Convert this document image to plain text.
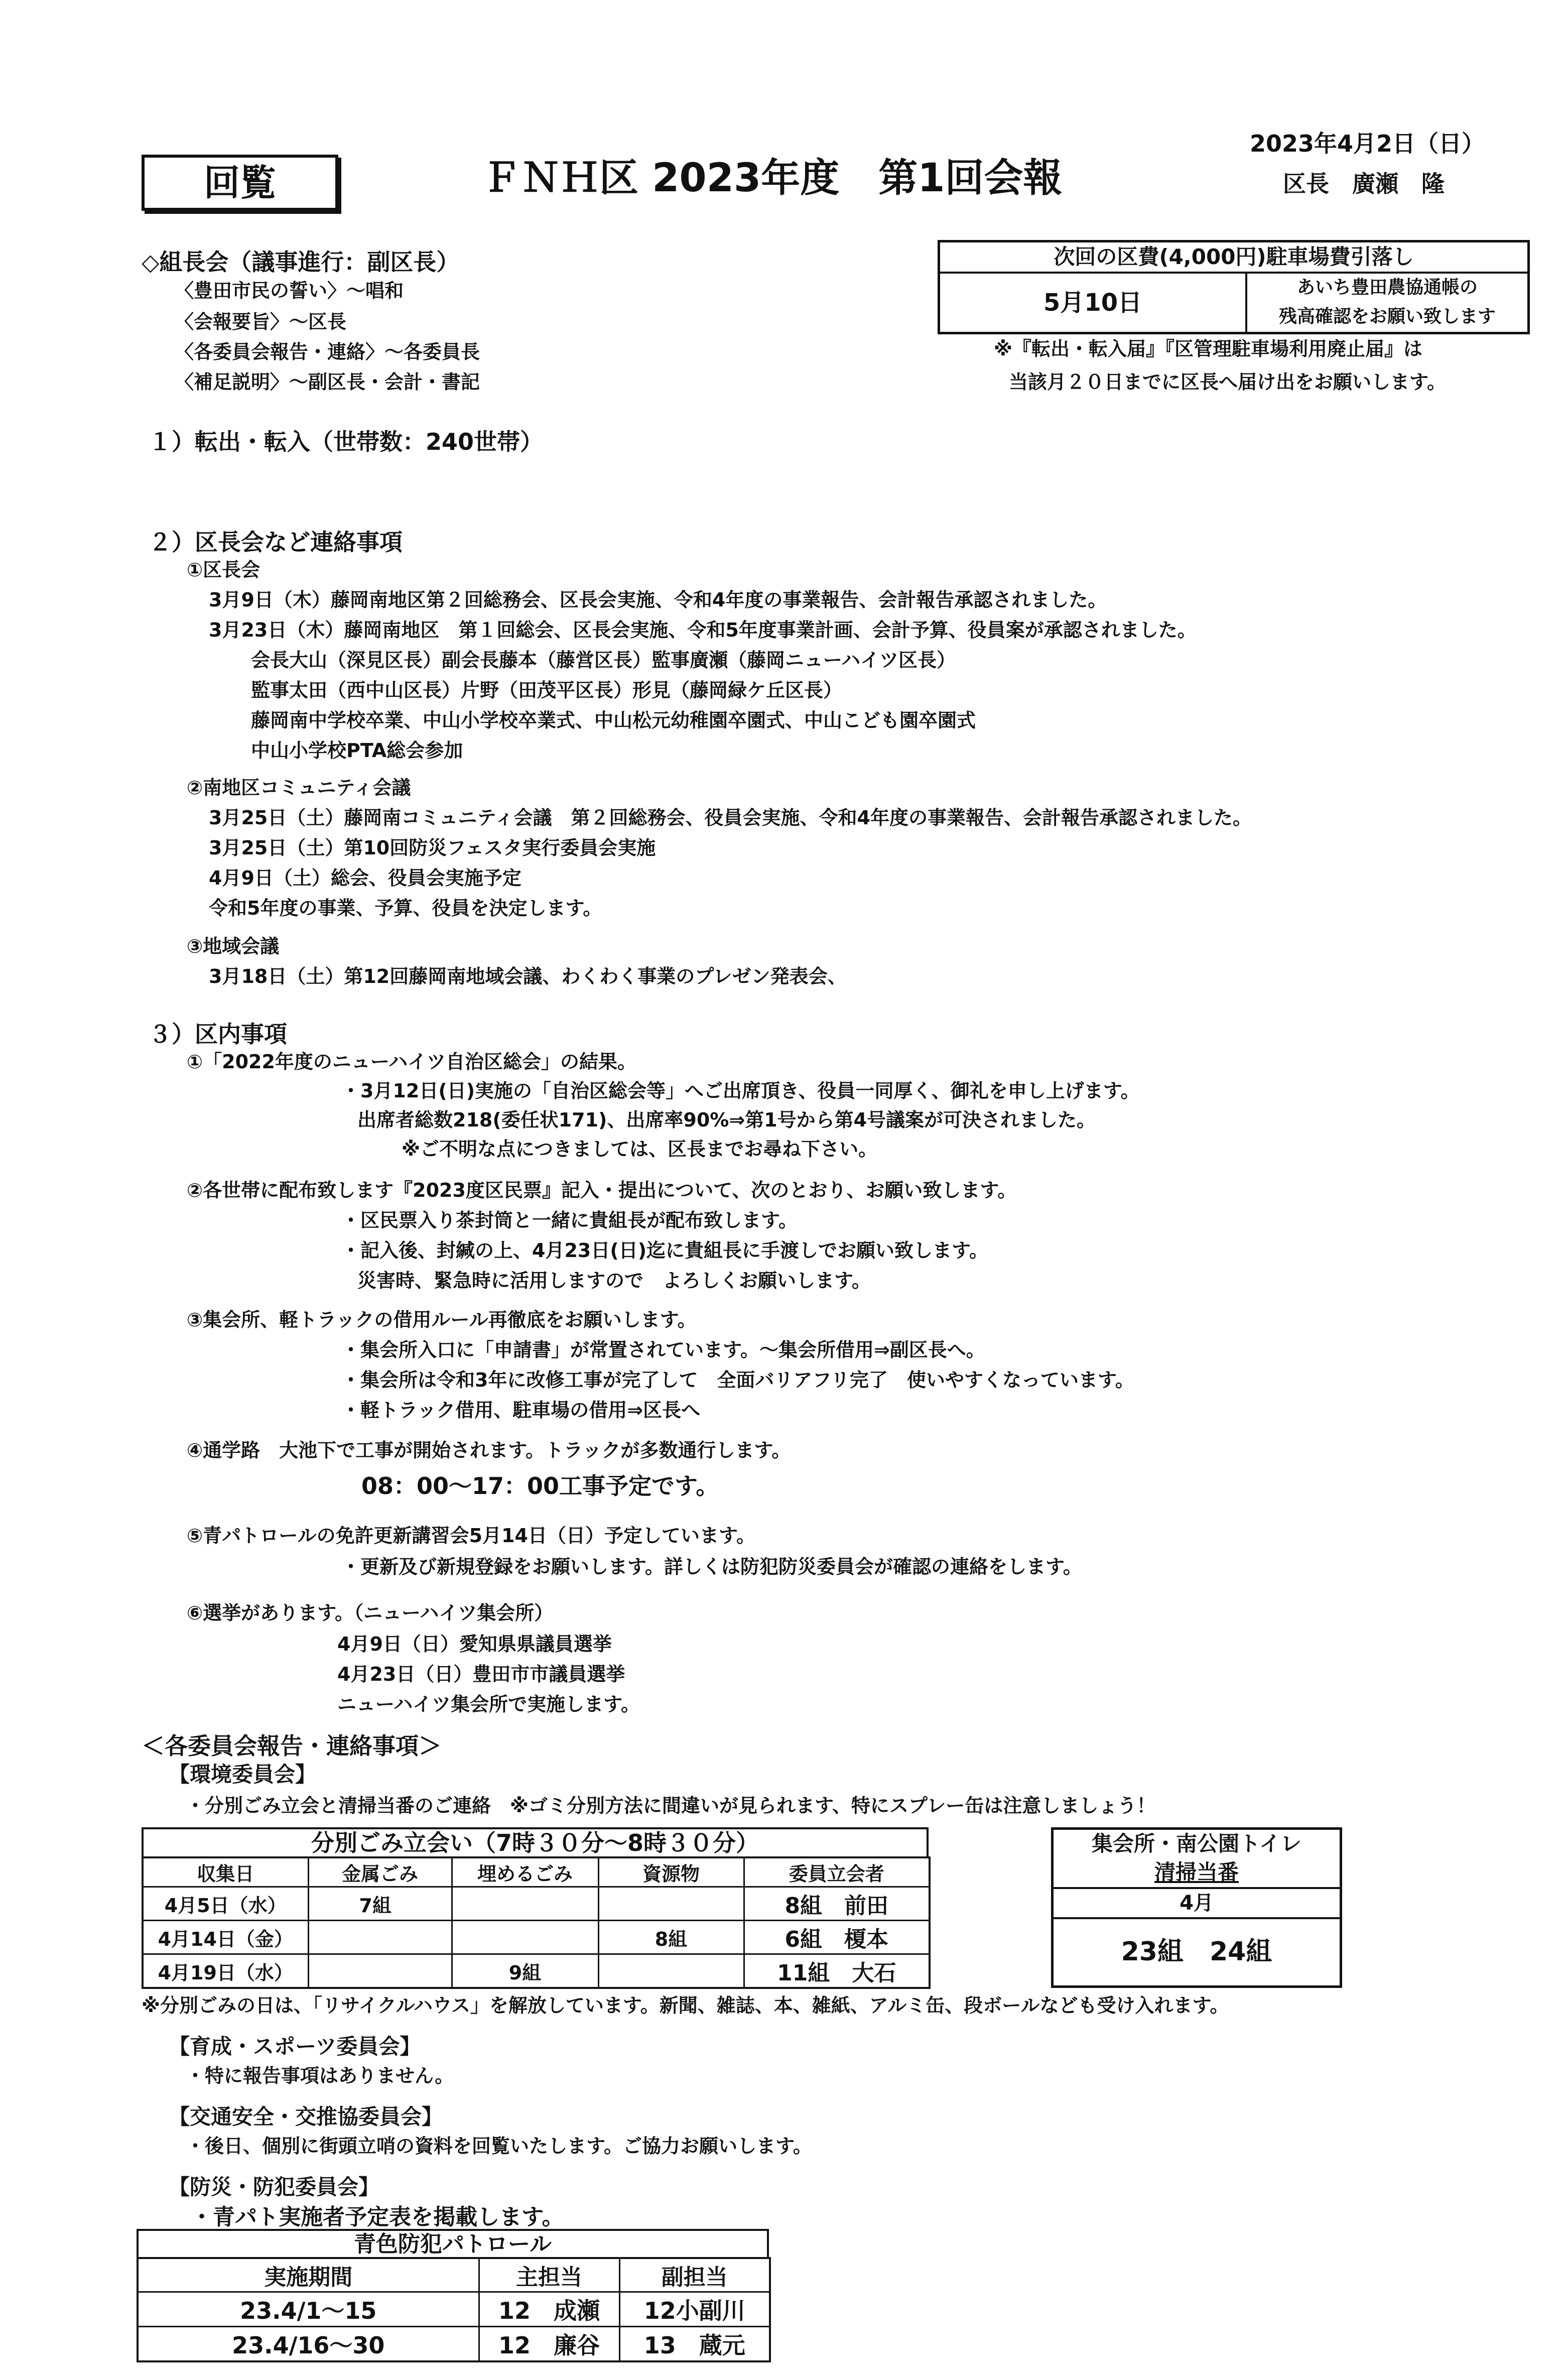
回覧	ＦＮＨ区 2023年度　第1回会報
2023年4月2日（日）
区長　廣瀬　隆
次回の区費(4,000円)駐車場費引落し
5月10日
あいち豊田農協通帳の
残高確認をお願い致します
※『転出・転入届』『区管理駐車場利用廃止届』は
当該月２０日までに区長へ届け出をお願いします。
◇組長会（議事進行：副区長）
〈豊田市民の誓い〉～唱和
〈会報要旨〉～区長
〈各委員会報告・連絡〉～各委員長
〈補足説明〉～副区長・会計・書記
１）転出・転入（世帯数：240世帯）
２）区長会など連絡事項
①区長会
3月9日（木）藤岡南地区第２回総務会、区長会実施、令和4年度の事業報告、会計報告承認されました。
3月23日（木）藤岡南地区　第１回総会、区長会実施、令和5年度事業計画、会計予算、役員案が承認されました。
会長大山（深見区長）副会長藤本（藤営区長）監事廣瀬（藤岡ニューハイツ区長）
監事太田（西中山区長）片野（田茂平区長）形見（藤岡緑ケ丘区長）
藤岡南中学校卒業、中山小学校卒業式、中山松元幼稚園卒園式、中山こども園卒園式
中山小学校PTA総会参加
②南地区コミュニティ会議
3月25日（土）藤岡南コミュニティ会議　第２回総務会、役員会実施、令和4年度の事業報告、会計報告承認されました。
3月25日（土）第10回防災フェスタ実行委員会実施
4月9日（土）総会、役員会実施予定
令和5年度の事業、予算、役員を決定します。
③地域会議
3月18日（土）第12回藤岡南地域会議、わくわく事業のプレゼン発表会、
３）区内事項
①「2022年度のニューハイツ自治区総会」の結果。
・3月12日(日)実施の「自治区総会等」へご出席頂き、役員一同厚く、御礼を申し上げます。
出席者総数218(委任状171)、出席率90%⇒第1号から第4号議案が可決されました。
※ご不明な点につきましては、区長までお尋ね下さい。
②各世帯に配布致します『2023度区民票』記入・提出について、次のとおり、お願い致します。
・区民票入り茶封筒と一緒に貴組長が配布致します。
・記入後、封緘の上、4月23日(日)迄に貴組長に手渡しでお願い致します。
災害時、緊急時に活用しますので　よろしくお願いします。
③集会所、軽トラックの借用ルール再徹底をお願いします。
・集会所入口に「申請書」が常置されています。～集会所借用⇒副区長へ。
・集会所は令和3年に改修工事が完了して　全面バリアフリ完了　使いやすくなっています。
・軽トラック借用、駐車場の借用⇒区長へ
④通学路　大池下で工事が開始されます。トラックが多数通行します。
08：00～17：00工事予定です。
⑤青パトロールの免許更新講習会5月14日（日）予定しています。
・更新及び新規登録をお願いします。詳しくは防犯防災委員会が確認の連絡をします。
⑥選挙があります。（ニューハイツ集会所）
4月9日（日）愛知県県議員選挙
4月23日（日）豊田市市議員選挙
ニューハイツ集会所で実施します。
＜各委員会報告・連絡事項＞
【環境委員会】
・分別ごみ立会と清掃当番のご連絡　※ゴミ分別方法に間違いが見られます、特にスプレー缶は注意しましょう！
分別ごみ立会い（7時３０分～8時３０分）
収集日	金属ごみ	埋めるごみ	資源物	委員立会者
4月5日（水）	7組			8組　前田
4月14日（金）			8組	6組　榎本
4月19日（水）		9組		11組　大石
集会所・南公園トイレ
清掃当番
4月
23組　24組
※分別ごみの日は、「リサイクルハウス」を解放しています。新聞、雑誌、本、雑紙、アルミ缶、段ボールなども受け入れます。
【育成・スポーツ委員会】
・特に報告事項はありません。
【交通安全・交推協委員会】
・後日、個別に街頭立哨の資料を回覧いたします。ご協力お願いします。
【防災・防犯委員会】
・青パト実施者予定表を掲載します。
青色防犯パトロール
実施期間	主担当	副担当
23.4/1～15	12　成瀬	12小副川
23.4/16～30	12　廉谷	13　蔵元
